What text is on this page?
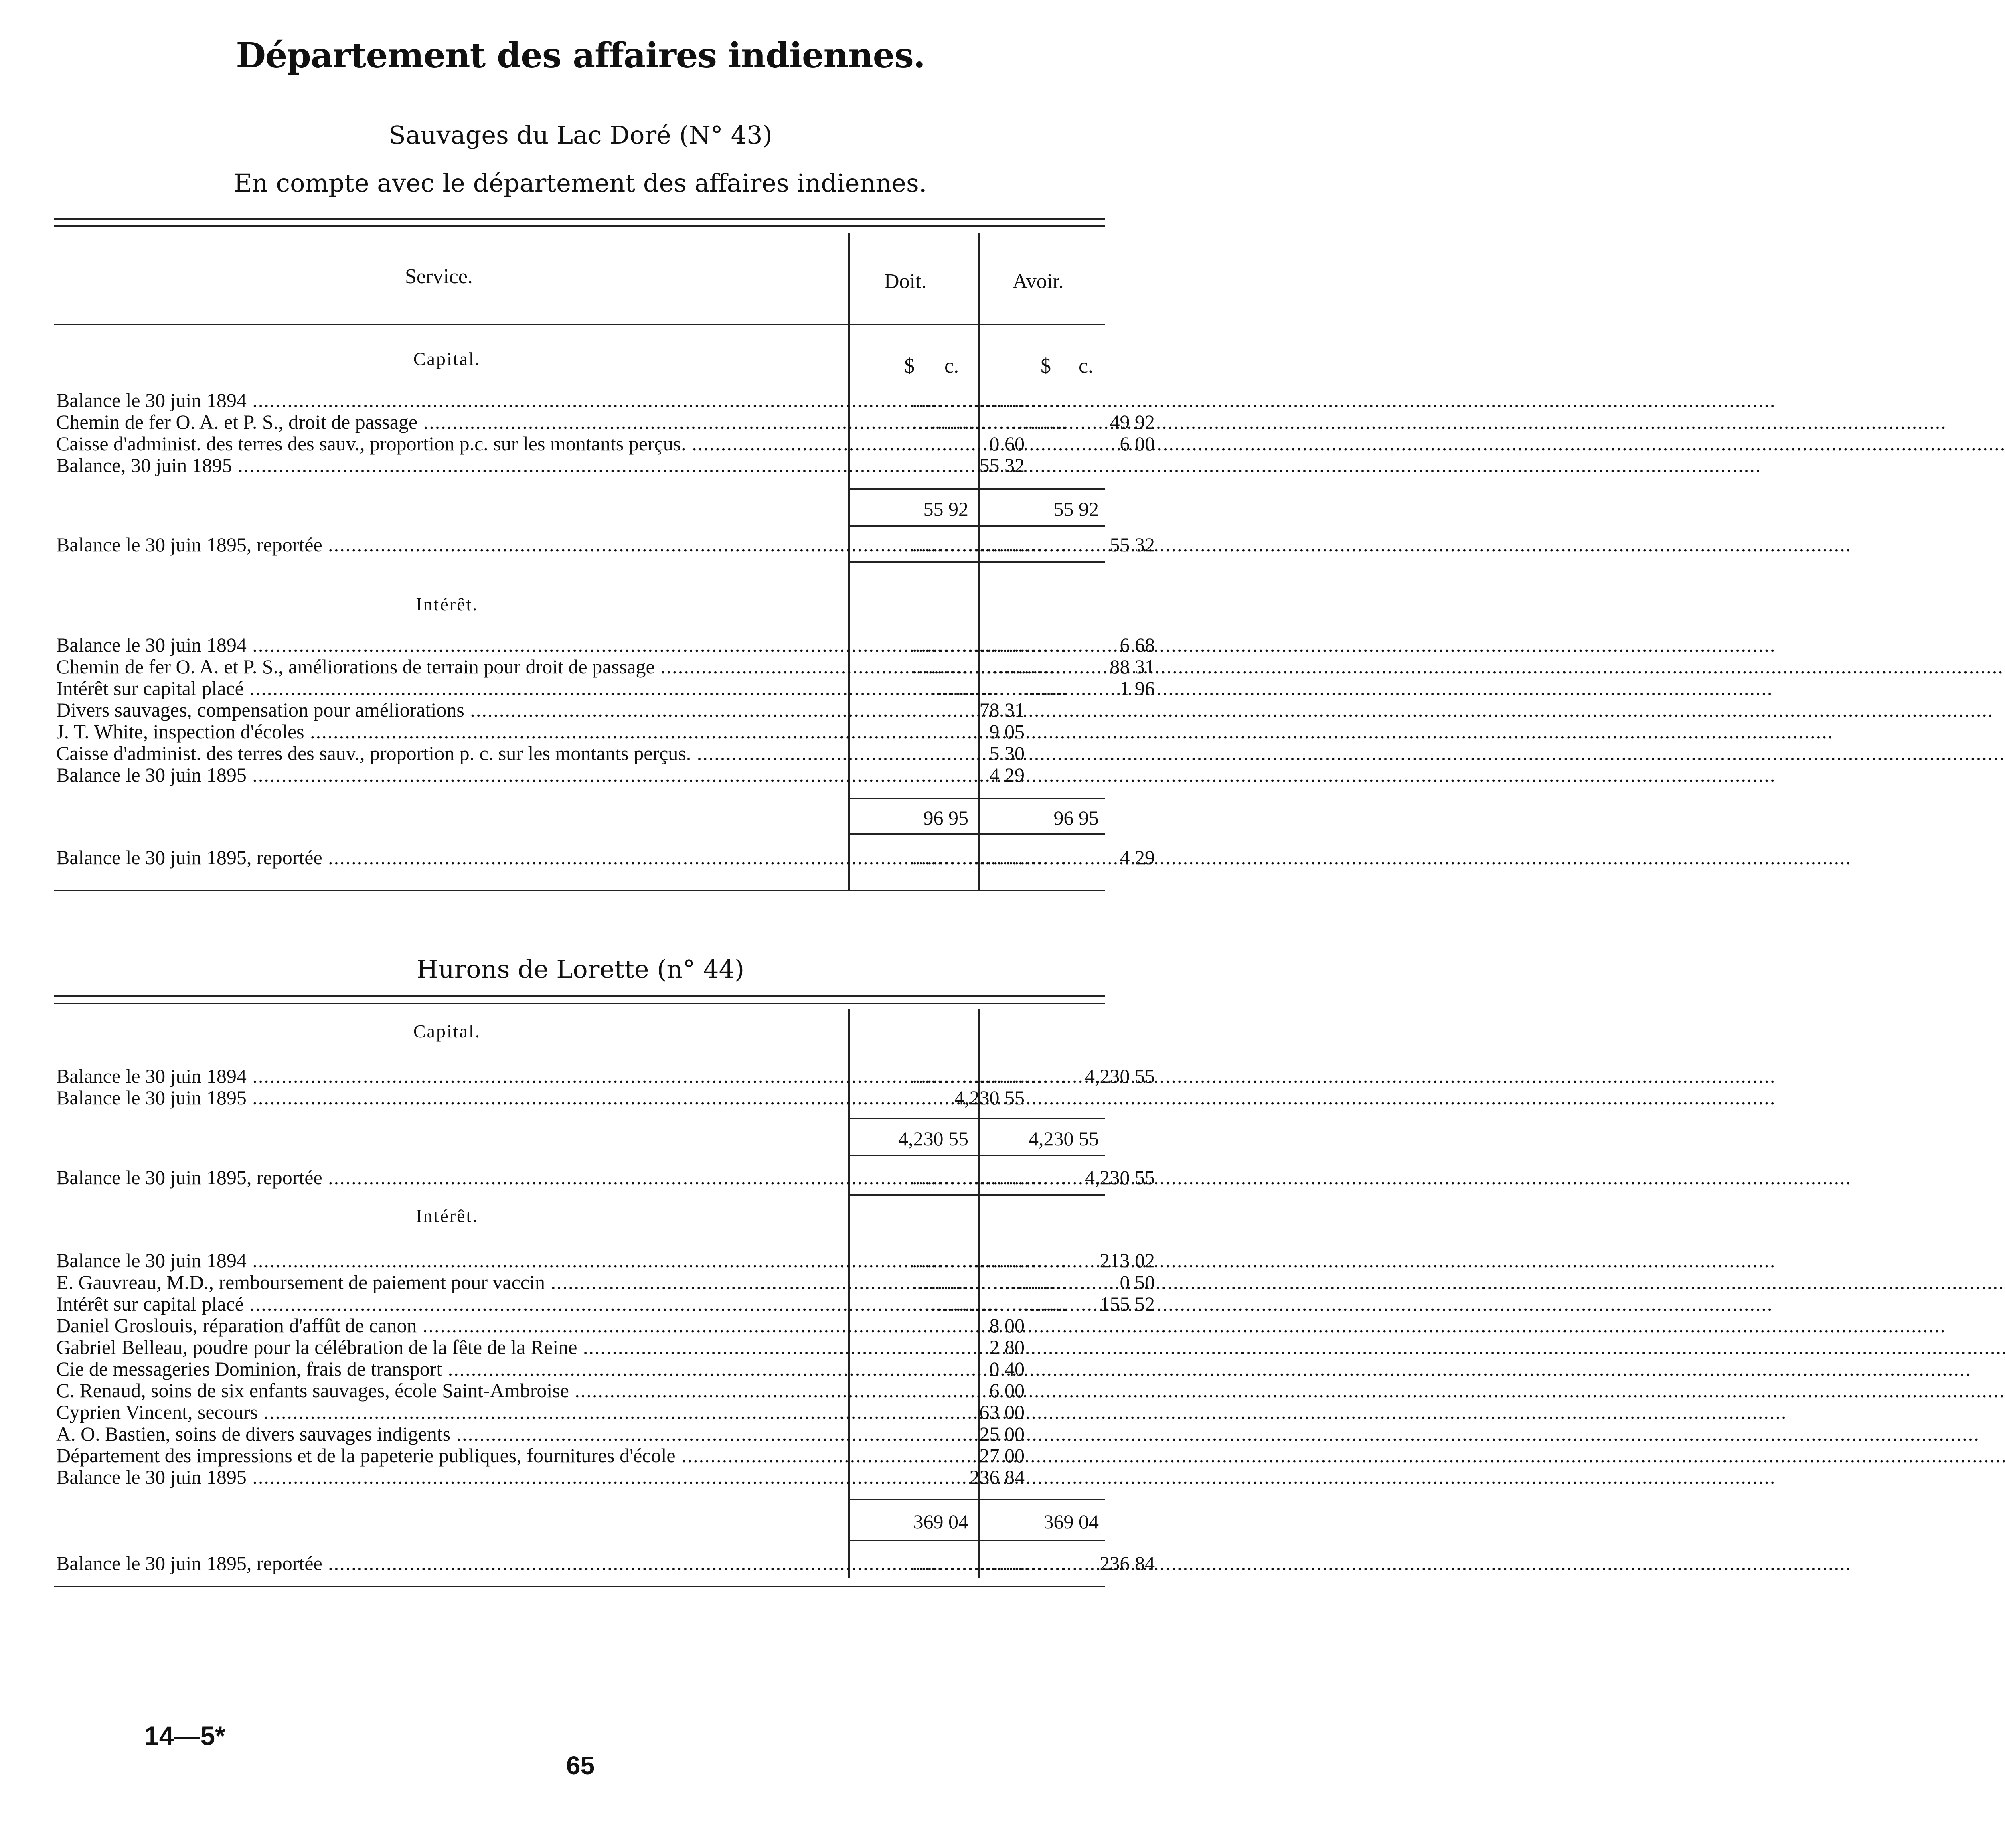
Département des affaires indiennes.
Sauvages du Lac Doré (N° 43)
En compte avec le département des affaires indiennes.
Service.	Doit.	Avoir.
Capital.	$ c.	$ c.
Balance le 30 juin 1894 .....	.........................
Chemin de fer O. A. et P. S., droit de passage .....	.........................	49 92
Caisse d'administ. des terres des sauv., proportion p.c. sur les montants perçus. .....	0 60	6 00
Balance, 30 juin 1895 .....	55 32
55 92	55 92
Balance le 30 juin 1895, reportée .....	.........................	55 32
Intérêt.
Balance le 30 juin 1894 .....	.........................	6 68
Chemin de fer O. A. et P. S., améliorations de terrain pour droit de passage .....	.........................	88 31
Intérêt sur capital placé .....	.........................	1 96
Divers sauvages, compensation pour améliorations .....	78 31
J. T. White, inspection d'écoles .....	9 05
Caisse d'administ. des terres des sauv., proportion p. c. sur les montants perçus. .....	5 30
Balance le 30 juin 1895 .....	4 29
96 95	96 95
Balance le 30 juin 1895, reportée .....	.........................	4 29
Hurons de Lorette (n° 44)
Capital.
Balance le 30 juin 1894 .....	......................... 4,230 55
Balance le 30 juin 1895 .....	4,230 55
4,230 55	4,230 55
Balance le 30 juin 1895, reportée .....	......................... 4,230 55
Intérêt.
Balance le 30 juin 1894 .....	.........................	213 02
E. Gauvreau, M.D., remboursement de paiement pour vaccin .....	.........................	0 50
Intérêt sur capital placé .....	.........................	155 52
Daniel Groslouis, réparation d'affût de canon .....	8 00
Gabriel Belleau, poudre pour la célébration de la fête de la Reine .....	2 80
Cie de messageries Dominion, frais de transport .....	0 40
C. Renaud, soins de six enfants sauvages, école Saint-Ambroise .....	6 00
Cyprien Vincent, secours .....	63 00
A. O. Bastien, soins de divers sauvages indigents .....	25 00
Département des impressions et de la papeterie publiques, fournitures d'école .....	27 00
Balance le 30 juin 1895 .....	236 84
369 04	369 04
Balance le 30 juin 1895, reportée .....	.........................	236 84
14—5*
65
